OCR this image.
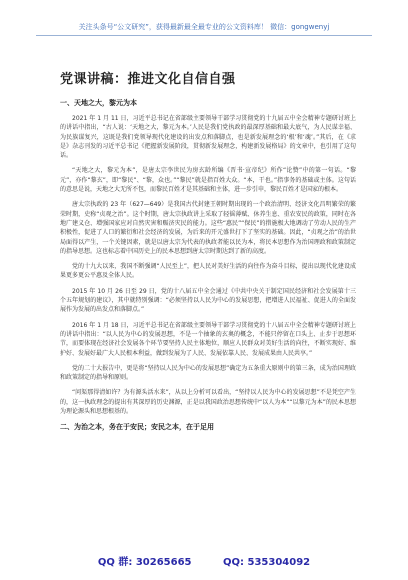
关注头条号“公文研究”，获得最新最全最专业的公文资料库！ 微信：gongwenyj
党课讲稿：推进文化自信自强
一、天地之大，黎元为本

2021 年 1 月 11 日，习近平总书记在省部级主要领导干部学习贯彻党的十九届五中全会精神专题研讨班上的讲话中指出，“古人说：‘天地之大，黎元为本。’人民是我们党执政的最深厚基础和最大底气，为人民谋幸福、为民族谋复兴，这既是我们党领导现代化建设的出发点和落脚点，也是新发展理念的‘根’和‘魂’。”其后，在《求是》杂志刊发的习近平总书记《把握新发展阶段，贯彻新发展理念，构建新发展格局》的文章中，也引用了这句话。

“天地之大，黎元为本”，是唐太宗李世民为房玄龄所编《晋书·宣帝纪》所作“论赞”中的第一句话。“黎元”，亦作“黎玄”，即“黎民”、“黎，众也。”“黎民”就是指百姓大众。“本，干也。”指事务的基础或主体。这句话的意思是说，天地之大无所不包，而黎民百姓才是其基础和主体，进一步引申，黎民百姓才是国家的根本。

唐太宗执政的 23 年（627—649）是我国古代封建王朝时期出现的一个政治清明、经济文化昌明繁荣的繁荣时期，史称“贞观之治”。这个时期，唐太宗执政讲上采取了轻徭薄赋、休养生息、重农安民的政策，同时在各地广建义仓、增强国家应对自然灾害和赈济灾民的能力。这些“惠民”“保民”的措施极大地调动了劳动人民的生产积极性，促进了人口的繁衍和社会经济的发展，为后来的开元盛世打下了坚实的基础。因此，“贞观之治”的治世局面得以产生，一个关键因素，就是以唐太宗为代表的执政者能以民为本，将民本思想作为治国理政和政策制定的指导思想。这也标志着中国历史上的民本思想到唐太宗时期达到了新的高度。

党的十九大以来，我国不断强调“人民至上”，把人民对美好生活的向往作为奋斗目标，提出以现代化建设成果更多更公平惠及全体人民。

2015 年 10 月 26 日至 29 日，党的十八届五中全会通过《中共中央关于制定国民经济和社会发展第十三个五年规划的建议》，其中就特别强调：“必须坚持以人民为中心的发展思想，把增进人民福祉、促进人的全面发展作为发展的出发点和落脚点。”

2016 年 1 月 18 日，习近平总书记在省部级主要领导干部学习贯彻党的十八届五中全会精神专题研讨班上的讲话中指出：“以人民为中心的发展思想，不是一个抽象的玄奥的概念，不能只停留在口头上、止步于思想环节，而要体现在经济社会发展各个环节要坚持人民主体地位，顺应人民群众对美好生活的向往，不断实现好、维护好、发展好最广大人民根本利益，做到发展为了人民、发展依靠人民、发展成果由人民共享。”

党的二十大报告中，更是将“坚持以人民为中心的发展思想”确定为五条重大原则中的第三条，成为治国理政和政策制定的指导和原则。

“问渠那得清如许？为有源头活水来”，从以上分析可以看出，“坚持以人民为中心的发展思想”不是凭空产生的，这一执政理念的提出有其深厚的历史渊源，正是以我国政治思想传统中“以人为本”“以黎元为本”的民本思想为理论源头和思想根基的。

二、为治之本，务在于安民；安民之本，在于足用
QQ 群: 30265665	QQ: 535304092
